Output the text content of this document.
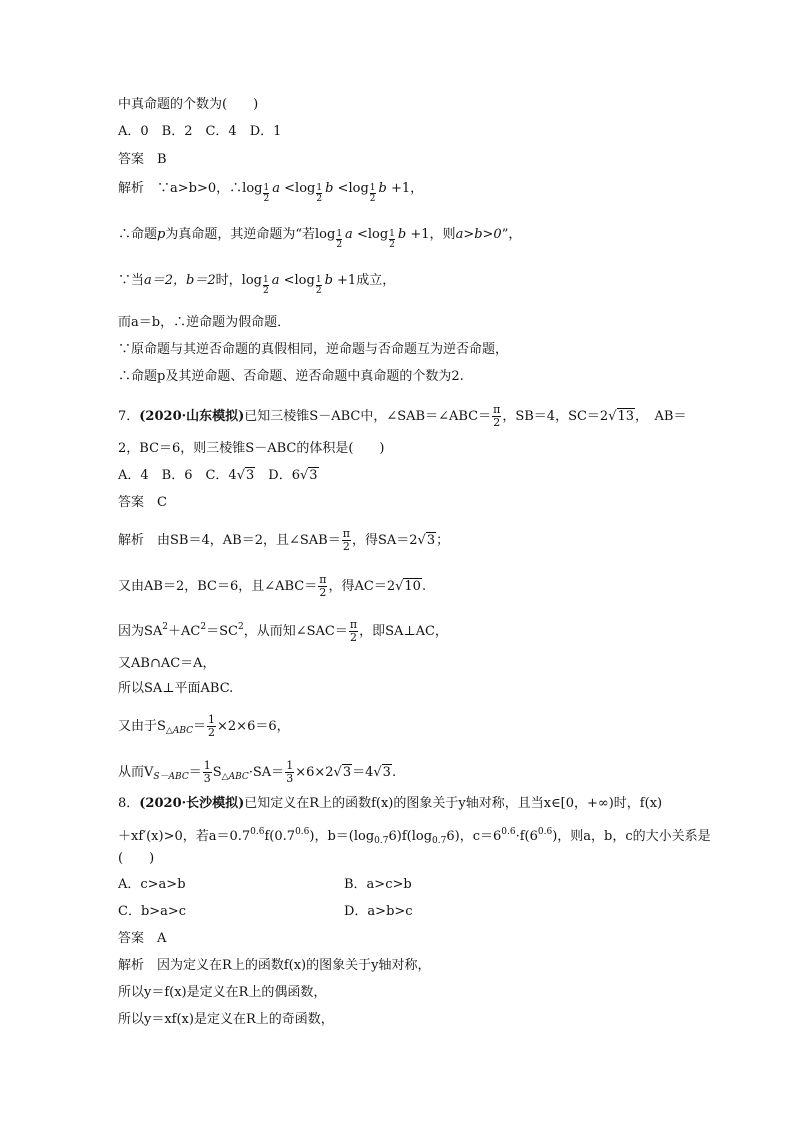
中真命题的个数为(　　)
A．0　B．2　C．4　D．1
答案　 B
解析　 ∵a>b>0，∴log $\frac{1}{2}$ $a <\log \frac{1}{2}$ $b <\log \frac{1}{2}$ b +1，
∴命题p为真命题，其逆命题为“若$\log \frac{1}{2}$ $a <\log \frac{1}{2}$ b +1，则a>b>0”，
∵当a＝2，b＝2时，$\log \frac{1}{2}$ $a <\log \frac{1}{2}$ b +1成立，
而a＝b，∴逆命题为假命题．
∵原命题与其逆否命题的真假相同，逆命题与否命题互为逆否命题，
∴命题p及其逆命题、否命题、逆否命题中真命题的个数为2.
7．(2020·山东模拟)已知三棱锥S－ABC中，∠SAB＝∠ABC＝ $\frac{\pi}{2}$ ，SB＝4，SC＝2√13，　AB＝
2，BC＝6，则三棱锥S－ABC的体积是(　　)
A．4　B．6　C．4√3　D．6√3
答案　 C
解析　 由SB＝4，AB＝2，且∠SAB＝ $\frac{\pi}{2}$ ，得SA＝2√3；
又由AB＝2，BC＝6，且∠ABC＝ $\frac{\pi}{2}$ ，得AC＝2√10.
因为$SA^2+AC^2=SC^2$，从而知∠SAC＝ $\frac{\pi}{2}$ ，即SA⊥AC，
又AB∩AC＝A，
所以SA⊥平面ABC.
又由于$S_{\triangle ABC}= \frac{1}{2} \times 2\times 6=6$，
从而$V_{S-ABC}= \frac{1}{3} S_{\triangle ABC}\cdot SA= \frac{1}{3} \times 6\times 2√3=4√3$.
8．(2020·长沙模拟)已知定义在R上的函数f(x)的图象关于y轴对称，且当x∈[0，+∞)时，f(x)
＋xf′(x)>0，若$a=0.7^{0.6}f(0.7^{0.6})$，$b=(\log_{0.7}6)f(\log_{0.7}6)$，$c=6^{0.6}\cdot f(6^{0.6})$，则a，b，c的大小关系是
(　　)
A．c>a>b	B．a>c>b
C．b>a>c	D．a>b>c
答案　 A
解析　 因为定义在R上的函数f(x)的图象关于y轴对称，
所以y＝f(x)是定义在R上的偶函数，
所以y＝xf(x)是定义在R上的奇函数，
